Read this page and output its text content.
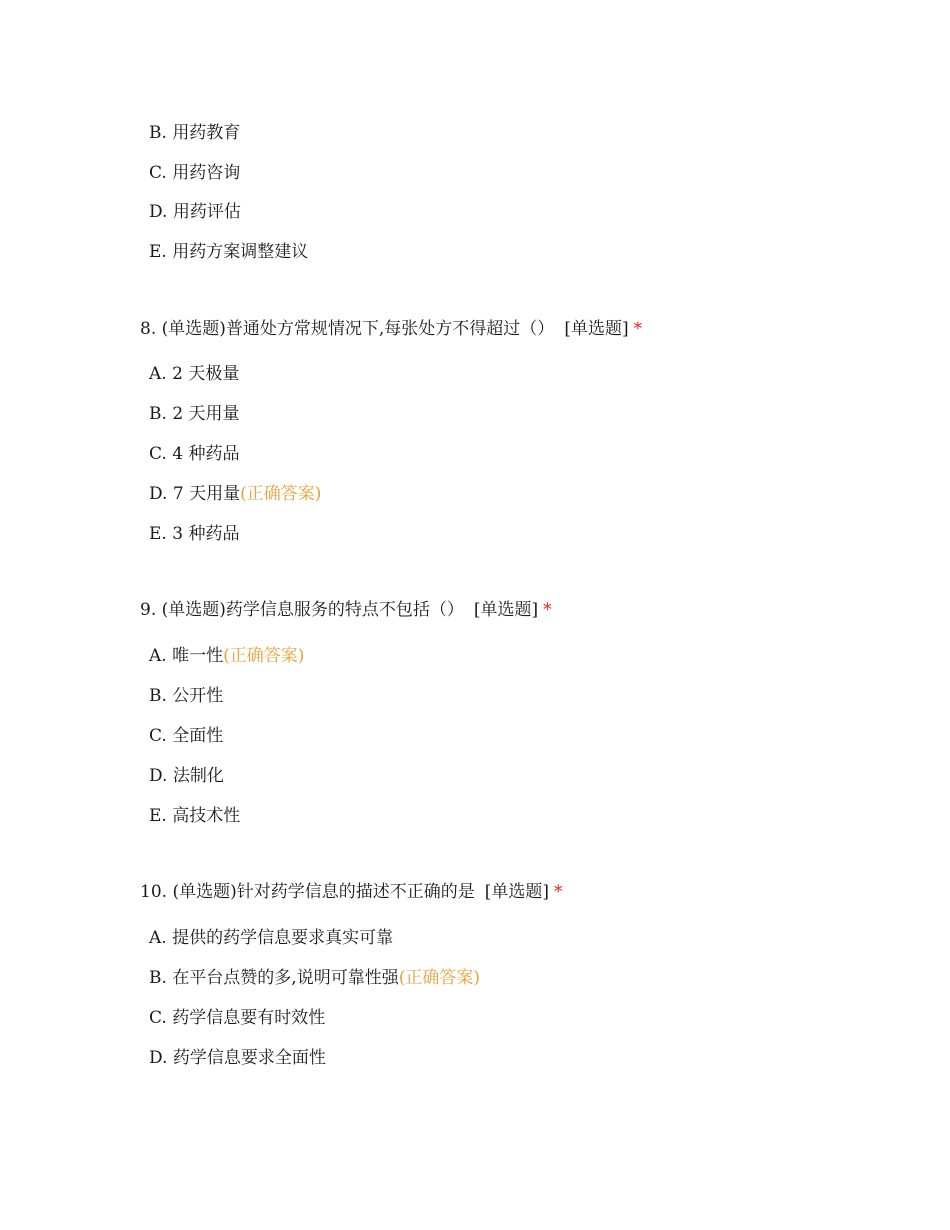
B. 用药教育
C. 用药咨询
D. 用药评估
E. 用药方案调整建议
8. (单选题)普通处方常规情况下,每张处方不得超过（） [单选题] *
A. 2 天极量
B. 2 天用量
C. 4 种药品
D. 7 天用量(正确答案)
E. 3 种药品
9. (单选题)药学信息服务的特点不包括（） [单选题] *
A. 唯一性(正确答案)
B. 公开性
C. 全面性
D. 法制化
E. 高技术性
10. (单选题)针对药学信息的描述不正确的是 [单选题] *
A. 提供的药学信息要求真实可靠
B. 在平台点赞的多,说明可靠性强(正确答案)
C. 药学信息要有时效性
D. 药学信息要求全面性
